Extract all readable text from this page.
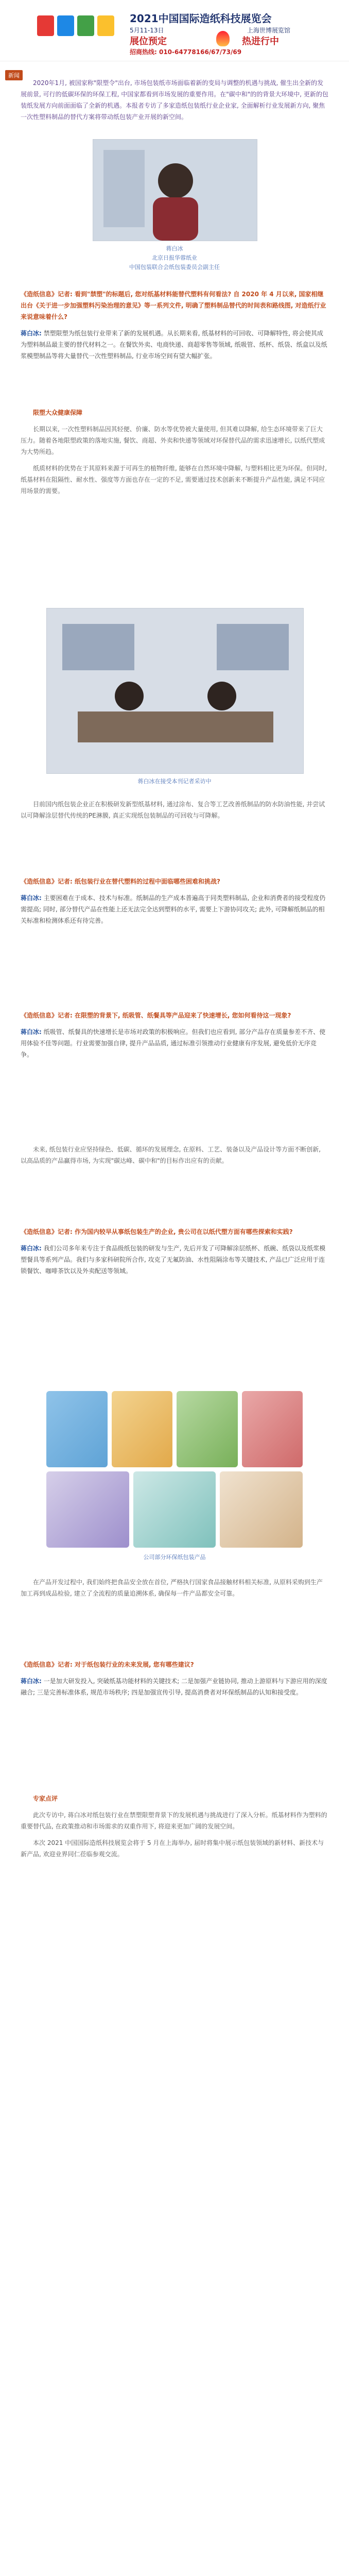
2021中国国际造纸科技展览会
5月11-13日	上海世博展览馆
展位预定	热进行中
招商热线: 010-64778166/67/73/69
新闻

2020年1月, 被国家称"限塑令"出台, 市场包装纸市场面临着新的变局与调整的机遇与挑战, 催生出全新的发展前景, 可行的低碳环保的环保工程, 中国家都看到市场发展的重要作用。在"碳中和"的的背景大环境中, 更新的包装纸发展方向前面面临了全新的机遇。本报者专访了多家造纸包装纸行业企业家, 全面解析行业发展新方向, 聚焦一次性塑料制品的替代方案将带动纸包装产业开展的新空间。

蒋白冰
北京日报华蓉纸业
中国包装联合会纸包装委员会副主任

《造纸信息》记者: 看到"禁塑"的标题后, 您对纸基材料能替代塑料有何看法? 自 2020 年 4 月以来, 国家相继出台《关于进一步加强塑料污染治理的意见》等一系列文件, 明确了塑料制品替代的时间表和路线图, 对造纸行业来说意味着什么?

蒋白冰: 禁塑限塑为纸包装行业带来了新的发展机遇。从长期来看, 纸基材料的可回收、可降解特性, 将会使其成为塑料制品最主要的替代材料之一。在餐饮外卖、电商快递、商超零售等领域, 纸吸管、纸杯、纸袋、纸盒以及纸浆模塑制品等将大量替代一次性塑料制品, 行业市场空间有望大幅扩张。

限塑大众健康保障

长期以来, 一次性塑料制品因其轻便、价廉、防水等优势被大量使用, 但其难以降解, 给生态环境带来了巨大压力。随着各地限塑政策的落地实施, 餐饮、商超、外卖和快递等领域对环保替代品的需求迅速增长, 以纸代塑成为大势所趋。

纸质材料的优势在于其原料来源于可再生的植物纤维, 能够在自然环境中降解, 与塑料相比更为环保。但同时, 纸基材料在阻隔性、耐水性、强度等方面也存在一定的不足, 需要通过技术创新来不断提升产品性能, 满足不同应用场景的需要。

蒋白冰在接受本刊记者采访中

目前国内纸包装企业正在积极研发新型纸基材料, 通过涂布、复合等工艺改善纸制品的防水防油性能, 并尝试以可降解涂层替代传统的PE淋膜, 真正实现纸包装制品的可回收与可降解。

《造纸信息》记者: 纸包装行业在替代塑料的过程中面临哪些困难和挑战?

蒋白冰: 主要困难在于成本、技术与标准。纸制品的生产成本普遍高于同类塑料制品, 企业和消费者的接受程度仍需提高; 同时, 部分替代产品在性能上还无法完全达到塑料的水平, 需要上下游协同攻关; 此外, 可降解纸制品的相关标准和检测体系还有待完善。

《造纸信息》记者: 在限塑的背景下, 纸吸管、纸餐具等产品迎来了快速增长, 您如何看待这一现象?

蒋白冰: 纸吸管、纸餐具的快速增长是市场对政策的积极响应。但我们也应看到, 部分产品存在质量参差不齐、使用体验不佳等问题。行业需要加强自律, 提升产品品质, 通过标准引领推动行业健康有序发展, 避免低价无序竞争。

未来, 纸包装行业应坚持绿色、低碳、循环的发展理念, 在原料、工艺、装备以及产品设计等方面不断创新, 以高品质的产品赢得市场, 为实现"碳达峰、碳中和"的目标作出应有的贡献。

《造纸信息》记者: 作为国内较早从事纸包装生产的企业, 贵公司在以纸代塑方面有哪些探索和实践?

蒋白冰: 我们公司多年来专注于食品级纸包装的研发与生产, 先后开发了可降解涂层纸杯、纸碗、纸袋以及纸浆模塑餐具等系列产品。我们与多家科研院所合作, 攻克了无氟防油、水性阻隔涂布等关键技术, 产品已广泛应用于连锁餐饮、咖啡茶饮以及外卖配送等领域。

公司部分环保纸包装产品

在产品开发过程中, 我们始终把食品安全放在首位, 严格执行国家食品接触材料相关标准, 从原料采购到生产加工再到成品检验, 建立了全流程的质量追溯体系, 确保每一件产品都安全可靠。

《造纸信息》记者: 对于纸包装行业的未来发展, 您有哪些建议?

蒋白冰: 一是加大研发投入, 突破纸基功能材料的关键技术; 二是加强产业链协同, 推动上游原料与下游应用的深度融合; 三是完善标准体系, 规范市场秩序; 四是加强宣传引导, 提高消费者对环保纸制品的认知和接受度。

专家点评

此次专访中, 蒋白冰对纸包装行业在禁塑限塑背景下的发展机遇与挑战进行了深入分析。纸基材料作为塑料的重要替代品, 在政策推动和市场需求的双重作用下, 将迎来更加广阔的发展空间。

本次 2021 中国国际造纸科技展览会将于 5 月在上海举办, 届时将集中展示纸包装领域的新材料、新技术与新产品, 欢迎业界同仁莅临参观交流。
